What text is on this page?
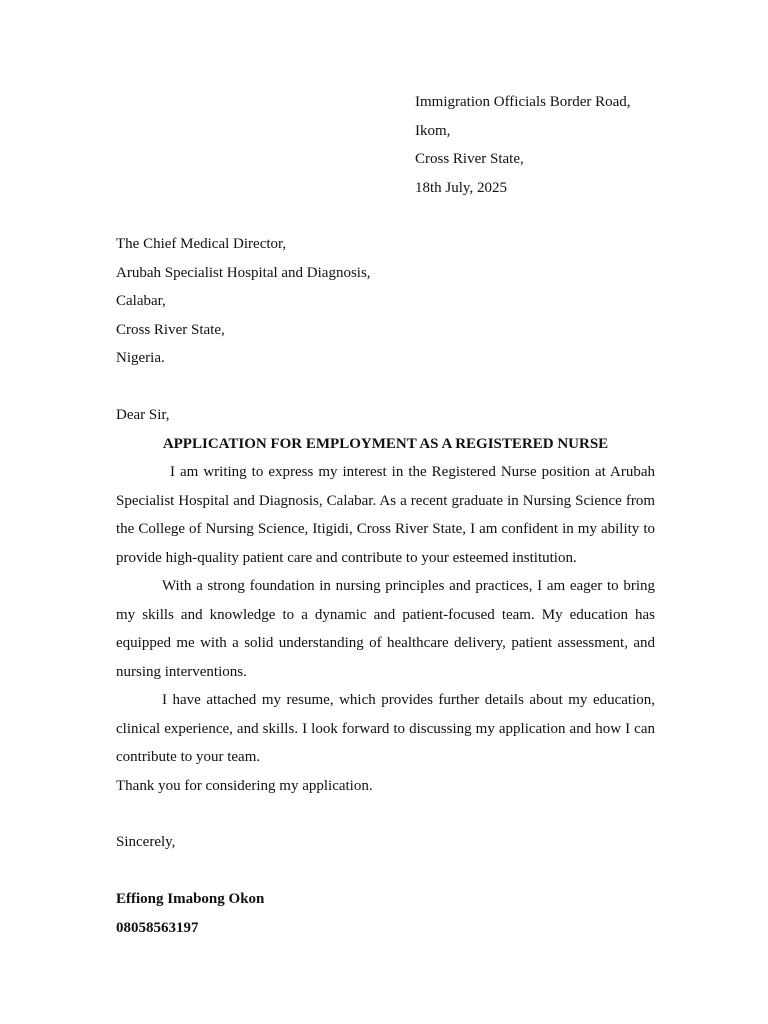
Immigration Officials Border Road,
Ikom,
Cross River State,
18th July, 2025
The Chief Medical Director,
Arubah Specialist Hospital and Diagnosis,
Calabar,
Cross River State,
Nigeria.
Dear Sir,
APPLICATION FOR EMPLOYMENT AS A REGISTERED NURSE

I am writing to express my interest in the Registered Nurse position at Arubah Specialist Hospital and Diagnosis, Calabar. As a recent graduate in Nursing Science from the College of Nursing Science, Itigidi, Cross River State, I am confident in my ability to provide high-quality patient care and contribute to your esteemed institution.

With a strong foundation in nursing principles and practices, I am eager to bring my skills and knowledge to a dynamic and patient-focused team. My education has equipped me with a solid understanding of healthcare delivery, patient assessment, and nursing interventions.

I have attached my resume, which provides further details about my education, clinical experience, and skills. I look forward to discussing my application and how I can contribute to your team.

Thank you for considering my application.
Sincerely,
Effiong Imabong Okon
08058563197
